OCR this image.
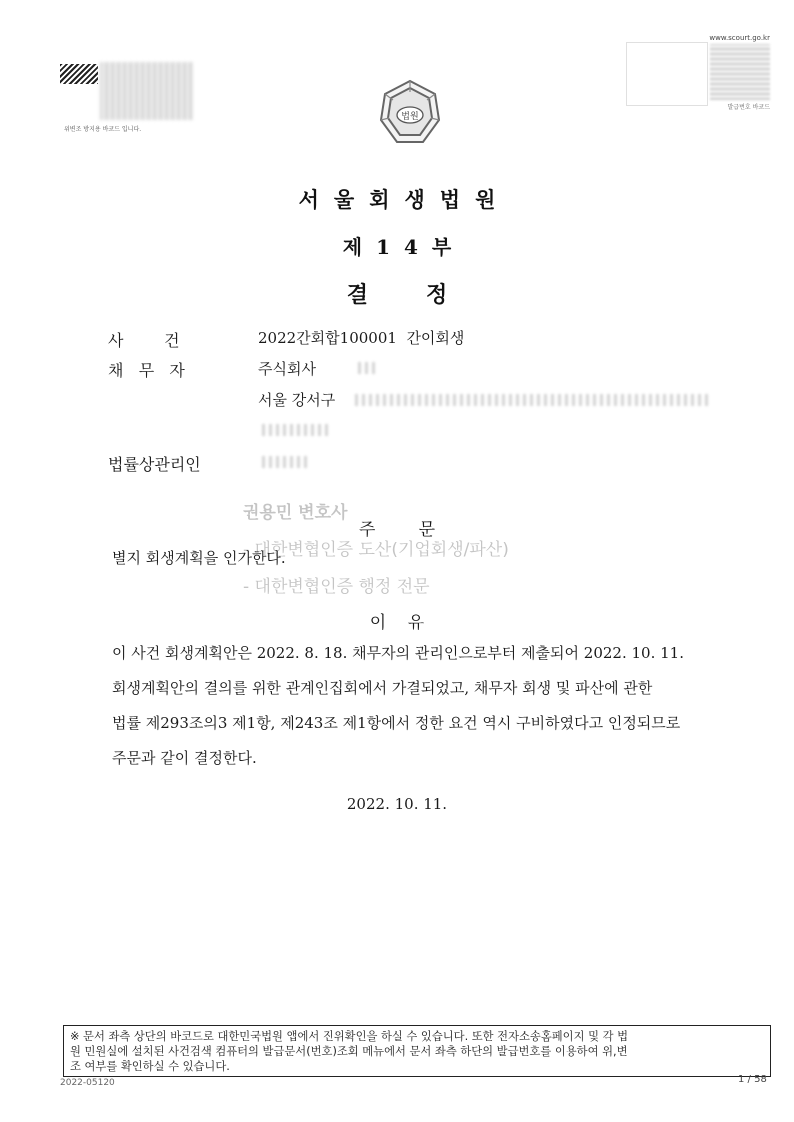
위변조 방지용 바코드 입니다.
www.scourt.go.kr
발급번호 바코드
법원
서울회생법원
제14부
결정
사        건	2022간회합100001  간이회생
채   무   자	주식회사
서울 강서구
법률상관리인
권용민 변호사
- 대한변협인증 도산(기업회생/파산)
- 대한변협인증 행정 전문
주        문
별지 회생계획을 인가한다.
이    유
이 사건 회생계획안은 2022. 8. 18. 채무자의 관리인으로부터 제출되어 2022. 10. 11.
회생계획안의 결의를 위한 관계인집회에서 가결되었고, 채무자 회생 및 파산에 관한
법률 제293조의3 제1항, 제243조 제1항에서 정한 요건 역시 구비하였다고 인정되므로
주문과 같이 결정한다.
2022. 10. 11.
※ 문서 좌측 상단의 바코드로 대한민국법원 앱에서 진위확인을 하실 수 있습니다. 또한 전자소송홈페이지 및 각 법
원 민원실에 설치된 사건검색 컴퓨터의 발급문서(번호)조회 메뉴에서 문서 좌측 하단의 발급번호를 이용하여 위,변
조 여부를 확인하실 수 있습니다.
2022-05120	1 / 58
